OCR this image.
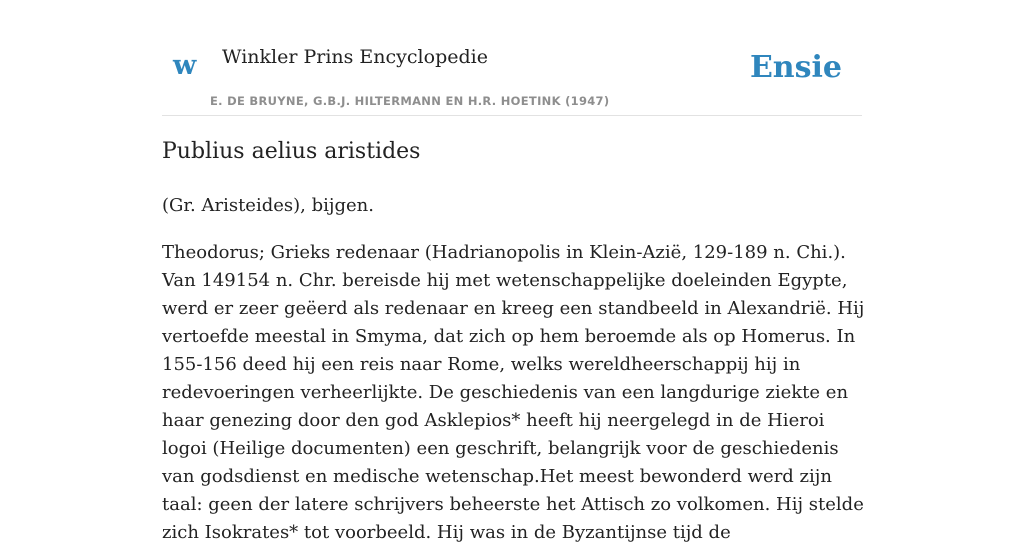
w Winkler Prins Encyclopedie
E. DE BRUYNE, G.B.J. HILTERMANN EN H.R. HOETINK (1947)
Ensie
Publius aelius aristides

(Gr. Aristeides), bijgen.

Theodorus; Grieks redenaar (Hadrianopolis in Klein-Azië, 129-189 n. Chi.). Van 149154 n. Chr. bereisde hij met wetenschappelijke doeleinden Egypte, werd er zeer geëerd als redenaar en kreeg een standbeeld in Alexandrië. Hij vertoefde meestal in Smyma, dat zich op hem beroemde als op Homerus. In 155-156 deed hij een reis naar Rome, welks wereldheerschappij hij in redevoeringen verheerlijkte. De geschiedenis van een langdurige ziekte en haar genezing door den god Asklepios* heeft hij neergelegd in de Hieroi logoi (Heilige documenten) een geschrift, belangrijk voor de geschiedenis van godsdienst en medische wetenschap.Het meest bewonderd werd zijn taal: geen der latere schrijvers beheerste het Attisch zo volkomen. Hij stelde zich Isokrates* tot voorbeeld. Hij was in de Byzantijnse tijd de
